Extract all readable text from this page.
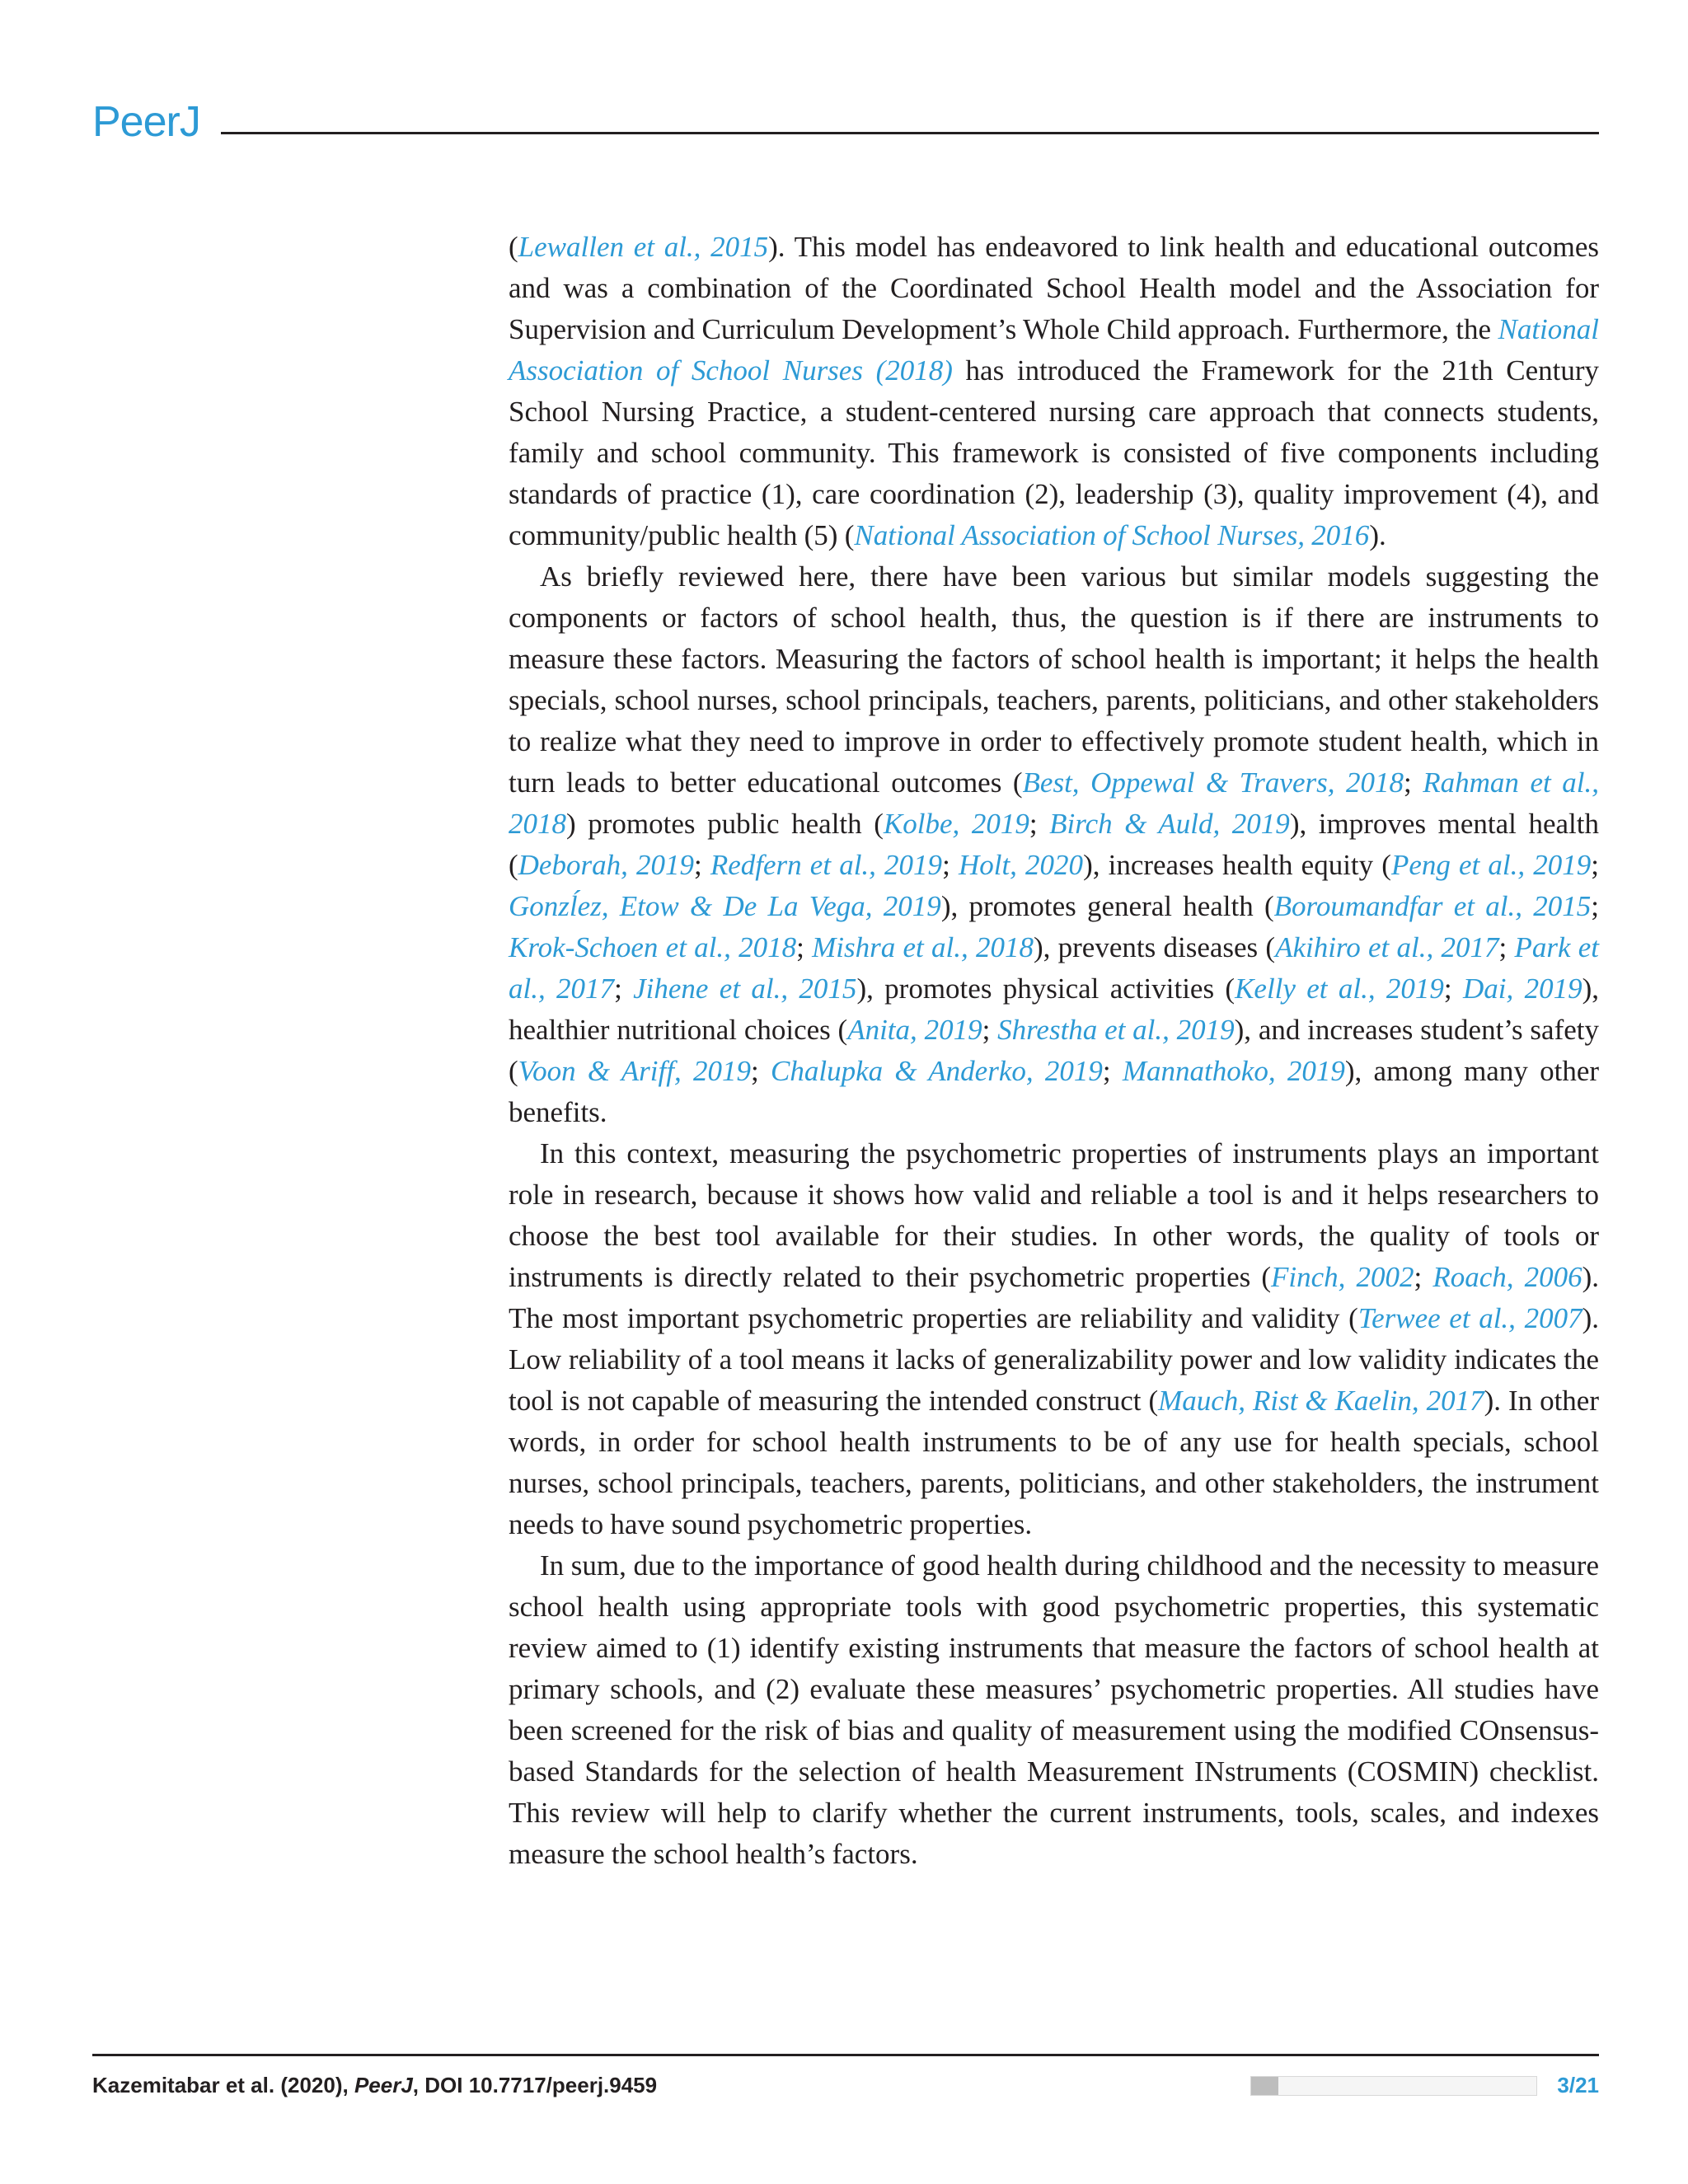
PeerJ

(Lewallen et al., 2015). This model has endeavored to link health and educational outcomes and was a combination of the Coordinated School Health model and the Association for Supervision and Curriculum Development’s Whole Child approach. Furthermore, the National Association of School Nurses (2018) has introduced the Framework for the 21th Century School Nursing Practice, a student-centered nursing care approach that connects students, family and school community. This framework is consisted of five components including standards of practice (1), care coordination (2), leadership (3), quality improvement (4), and community/public health (5) (National Association of School Nurses, 2016).

As briefly reviewed here, there have been various but similar models suggesting the components or factors of school health, thus, the question is if there are instruments to measure these factors. Measuring the factors of school health is important; it helps the health specials, school nurses, school principals, teachers, parents, politicians, and other stakeholders to realize what they need to improve in order to effectively promote student health, which in turn leads to better educational outcomes (Best, Oppewal & Travers, 2018; Rahman et al., 2018) promotes public health (Kolbe, 2019; Birch & Auld, 2019), improves mental health (Deborah, 2019; Redfern et al., 2019; Holt, 2020), increases health equity (Peng et al., 2019; Gonzĺez, Etow & De La Vega, 2019), promotes general health (Boroumandfar et al., 2015; Krok-Schoen et al., 2018; Mishra et al., 2018), prevents diseases (Akihiro et al., 2017; Park et al., 2017; Jihene et al., 2015), promotes physical activities (Kelly et al., 2019; Dai, 2019), healthier nutritional choices (Anita, 2019; Shrestha et al., 2019), and increases student’s safety (Voon & Ariff, 2019; Chalupka & Anderko, 2019; Mannathoko, 2019), among many other benefits.

In this context, measuring the psychometric properties of instruments plays an important role in research, because it shows how valid and reliable a tool is and it helps researchers to choose the best tool available for their studies. In other words, the quality of tools or instruments is directly related to their psychometric properties (Finch, 2002; Roach, 2006). The most important psychometric properties are reliability and validity (Terwee et al., 2007). Low reliability of a tool means it lacks of generalizability power and low validity indicates the tool is not capable of measuring the intended construct (Mauch, Rist & Kaelin, 2017). In other words, in order for school health instruments to be of any use for health specials, school nurses, school principals, teachers, parents, politicians, and other stakeholders, the instrument needs to have sound psychometric properties.

In sum, due to the importance of good health during childhood and the necessity to measure school health using appropriate tools with good psychometric properties, this systematic review aimed to (1) identify existing instruments that measure the factors of school health at primary schools, and (2) evaluate these measures’ psychometric properties. All studies have been screened for the risk of bias and quality of measurement using the modified COnsensus-based Standards for the selection of health Measurement INstruments (COSMIN) checklist. This review will help to clarify whether the current instruments, tools, scales, and indexes measure the school health’s factors.

Kazemitabar et al. (2020), PeerJ, DOI 10.7717/peerj.9459	3/21
